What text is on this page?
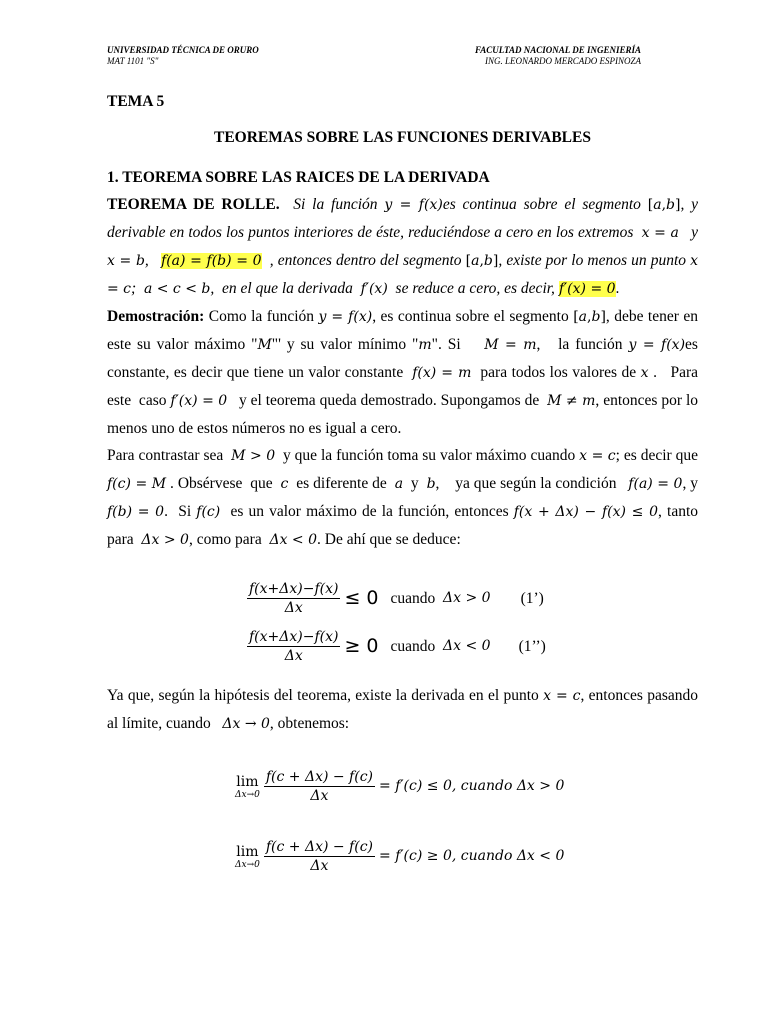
UNIVERSIDAD TÉCNICA DE ORURO
MAT 1101 "S"
FACULTAD NACIONAL DE INGENIERÍA
ING. LEONARDO MERCADO ESPINOZA
TEMA 5
TEOREMAS SOBRE LAS FUNCIONES DERIVABLES
1. TEOREMA SOBRE LAS RAICES DE LA DERIVADA

TEOREMA DE ROLLE. Si la función y = f(x)es continua sobre el segmento [a,b], y derivable en todos los puntos interiores de éste, reduciéndose a cero en los extremos x = a y x = b, f(a) = f(b) = 0 , entonces dentro del segmento [a,b], existe por lo menos un punto x = c; a < c < b,  en el que la derivada f′(x) se reduce a cero, es decir, f′(x) = 0.

Demostración: Como la función y = f(x), es continua sobre el segmento [a,b], debe tener en este su valor máximo "M"' y su valor mínimo "m". Si    M = m,   la función y = f(x)es constante, es decir que tiene un valor constante  f(x) = m  para todos los valores de x .   Para este  caso f′(x) = 0   y el teorema queda demostrado. Supongamos de  M ≠ m, entonces por lo menos uno de estos números no es igual a cero.

Para contrastar sea  M > 0  y que la función toma su valor máximo cuando x = c; es decir que f(c) = M . Obsérvese  que  c  es diferente de  a  y  b,    ya que según la condición   f(a) = 0, y f(b) = 0.  Si f(c)  es un valor máximo de la función, entonces f(x + Δx) − f(x) ≤ 0, tanto para  Δx > 0, como para  Δx < 0. De ahí que se deduce:

$\frac{f(x+\Delta x)-f(x)}{\Delta x} \le 0$ cuando
Δx > 0 (1’)
$\frac{f(x+\Delta x)-f(x)}{\Delta x} \ge 0$ cuando
Δx < 0 (1’’)

Ya que, según la hipótesis del teorema, existe la derivada en el punto x = c, entonces pasando al límite, cuando   Δx → 0, obtenemos:

lim
$\Delta x\to 0 \frac{f(c + \Delta x) - f(c)}{\Delta x} = f'(c) \le 0$, cuando Δx > 0
lim
$\Delta x\to 0 \frac{f(c + \Delta x) - f(c)}{\Delta x} = f'(c) \ge 0$, cuando Δx < 0
